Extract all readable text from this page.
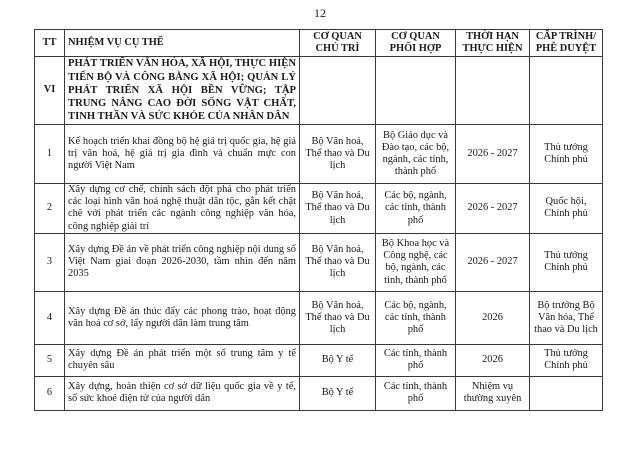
12
TT	NHIỆM VỤ CỤ THỂ	CƠ QUAN CHỦ TRÌ	CƠ QUAN PHỐI HỢP	THỜI HẠN THỰC HIỆN	CẤP TRÌNH/ PHÊ DUYỆT
VI	PHÁT TRIỂN VĂN HÓA, XÃ HỘI, THỰC HIỆN TIẾN BỘ VÀ CÔNG BẰNG XÃ HỘI; QUẢN LÝ PHÁT TRIỂN XÃ HỘI BỀN VỮNG; TẬP TRUNG NÂNG CAO ĐỜI SỐNG VẬT CHẤT, TINH THẦN VÀ SỨC KHỎE CỦA NHÂN DÂN				
1	Kế hoạch triển khai đồng bộ hệ giá trị quốc gia, hệ giá trị văn hoá, hệ giá trị gia đình và chuẩn mực con người Việt Nam	Bộ Văn hoá, Thể thao và Du lịch	Bộ Giáo dục và Đào tạo, các bộ, ngành, các tỉnh, thành phố	2026 - 2027	Thủ tướng Chính phủ
2	Xây dựng cơ chế, chính sách đột phá cho phát triển các loại hình văn hoá nghệ thuật dân tộc, gắn kết chặt chẽ với phát triển các ngành công nghiệp văn hóa, công nghiệp giải trí	Bộ Văn hoá, Thể thao và Du lịch	Các bộ, ngành, các tỉnh, thành phố	2026 - 2027	Quốc hội, Chính phủ
3	Xây dựng Đề án về phát triển công nghiệp nội dung số Việt Nam giai đoạn 2026-2030, tầm nhìn đến năm 2035	Bộ Văn hoá, Thể thao và Du lịch	Bộ Khoa học và Công nghệ, các bộ, ngành, các tỉnh, thành phố	2026 - 2027	Thủ tướng Chính phủ
4	Xây dựng Đề án thúc đẩy các phong trào, hoạt động văn hoá cơ sở, lấy người dân làm trung tâm	Bộ Văn hoá, Thể thao và Du lịch	Các bộ, ngành, các tỉnh, thành phố	2026	Bộ trưởng Bộ Văn hóa, Thể thao và Du lịch
5	Xây dựng Đề án phát triển một số trung tâm y tế chuyên sâu	Bộ Y tế	Các tỉnh, thành phố	2026	Thủ tướng Chính phủ
6	Xây dựng, hoàn thiện cơ sở dữ liệu quốc gia về y tế, sổ sức khoẻ điện tử của người dân	Bộ Y tế	Các tỉnh, thành phố	Nhiệm vụ thường xuyên	
